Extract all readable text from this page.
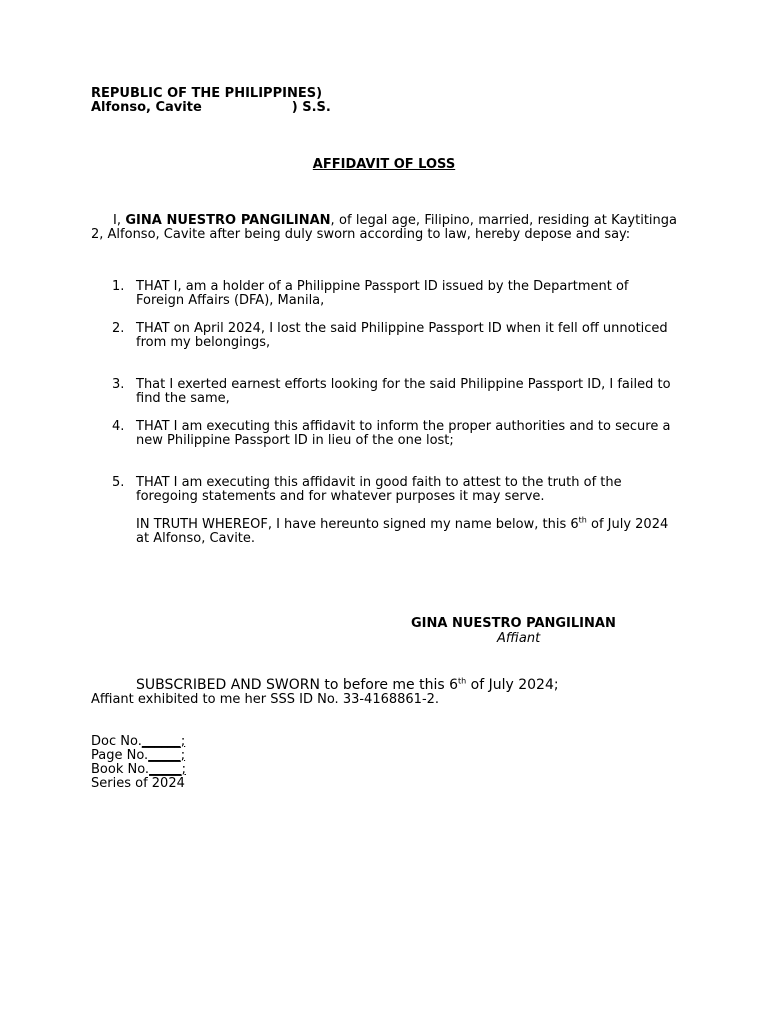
REPUBLIC OF THE PHILIPPINES)
Alfonso, Cavite	) S.S.
AFFIDAVIT OF LOSS
I, GINA NUESTRO PANGILINAN, of legal age, Filipino, married, residing at Kaytitinga 2, Alfonso, Cavite after being duly sworn according to law, hereby depose and say:
1. THAT I, am a holder of a Philippine Passport ID issued by the Department of Foreign Affairs (DFA), Manila,
2. THAT on April 2024, I lost the said Philippine Passport ID when it fell off unnoticed from my belongings,
3. That I exerted earnest efforts looking for the said Philippine Passport ID, I failed to find the same,
4. THAT I am executing this affidavit to inform the proper authorities and to secure a new Philippine Passport ID in lieu of the one lost;
5. THAT I am executing this affidavit in good faith to attest to the truth of the foregoing statements and for whatever purposes it may serve.
IN TRUTH WHEREOF, I have hereunto signed my name below, this 6th of July 2024 at Alfonso, Cavite.
GINA NUESTRO PANGILINAN
Affiant
SUBSCRIBED AND SWORN to before me this 6th of July 2024;
Affiant exhibited to me her SSS ID No. 33-4168861-2.
Doc No.______;
Page No._____;
Book No._____;
Series of 2024
